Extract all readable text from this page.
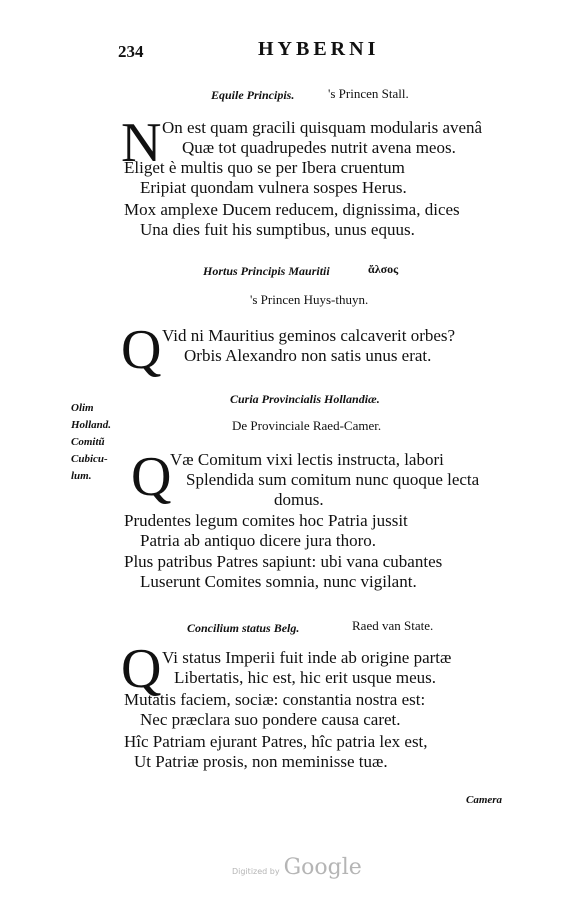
234	HYBERNI
Equile Principis.	's Princen Stall.
N On est quam gracili quisquam modularis avenâ
Quæ tot quadrupedes nutrit avena meos.
Eliget è multis quo se per Ibera cruentum
Eripiat quondam vulnera sospes Herus.
Mox amplexe Ducem reducem, dignissima, dices
Una dies fuit his sumptibus, unus equus.
Hortus Principis Mauritii	ἄλσος
's Princen Huys-thuyn.
Q Vid ni Mauritius geminos calcaverit orbes?
Orbis Alexandro non satis unus erat.
Curia Provincialis Hollandiæ.
De Provinciale Raed-Camer.
Olim
Holland.
Comitũ
Cubicu-
lum. Q
Væ Comitum vixi lectis instructa, labori
Splendida sum comitum nunc quoque lecta
domus.
Prudentes legum comites hoc Patria jussit
Patria ab antiquo dicere jura thoro.
Plus patribus Patres sapiunt: ubi vana cubantes
Luserunt Comites somnia, nunc vigilant.
Concilium status Belg.	Raed van State.
Q Vi status Imperii fuit inde ab origine partæ
Libertatis, hic est, hic erit usque meus.
Mutatis faciem, sociæ: constantia nostra est:
Nec præclara suo pondere causa caret.
Hîc Patriam ejurant Patres, hîc patria lex est,
Ut Patriæ prosis, non meminisse tuæ.
Camera
Digitized by Google
